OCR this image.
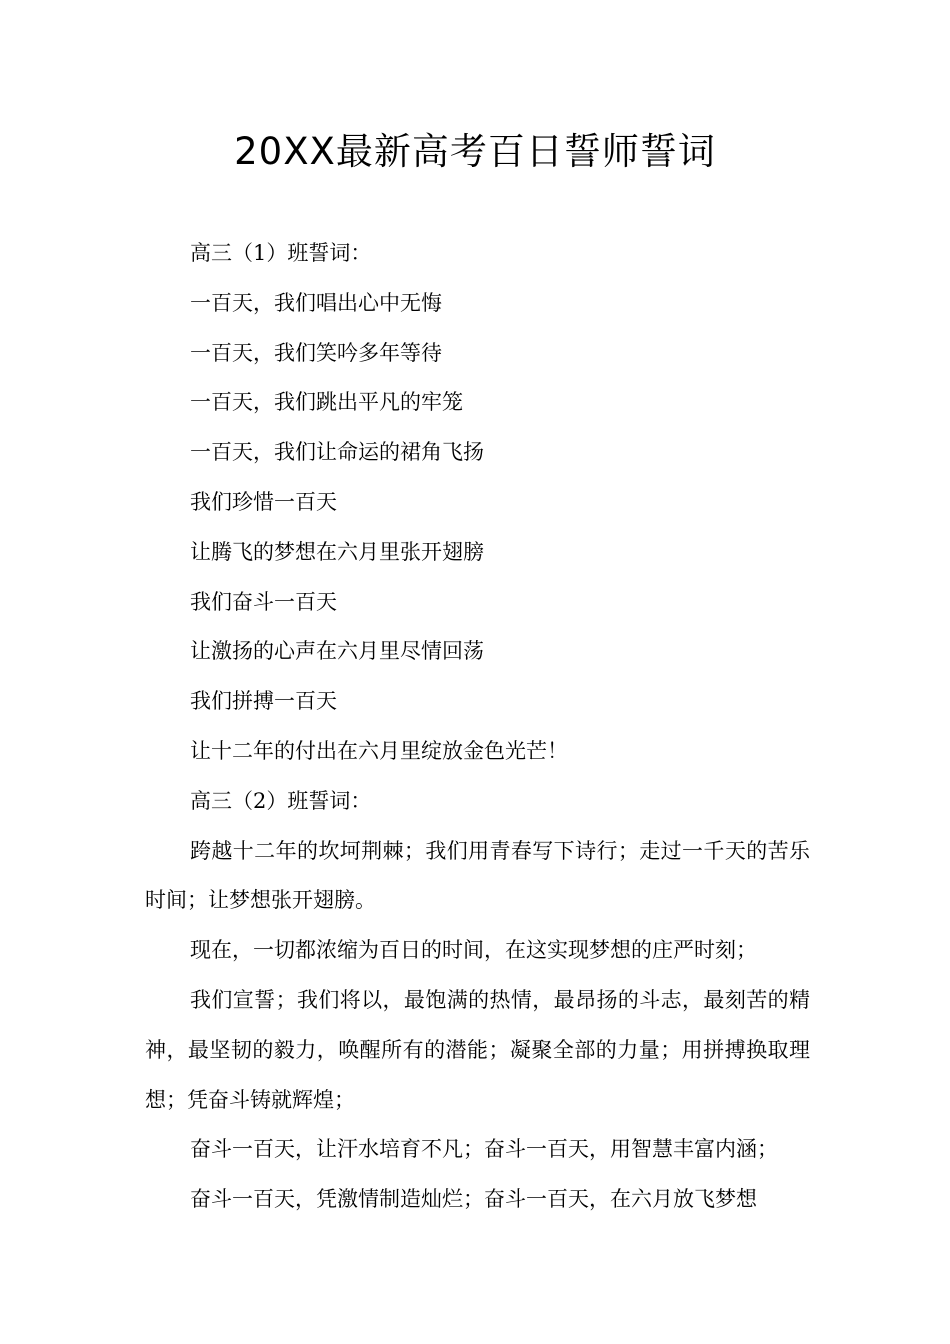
20XX最新高考百日誓师誓词

高三（1）班誓词：

一百天，我们唱出心中无悔

一百天，我们笑吟多年等待

一百天，我们跳出平凡的牢笼

一百天，我们让命运的裙角飞扬

我们珍惜一百天

让腾飞的梦想在六月里张开翅膀

我们奋斗一百天

让激扬的心声在六月里尽情回荡

我们拼搏一百天

让十二年的付出在六月里绽放金色光芒！

高三（2）班誓词：

跨越十二年的坎坷荆棘；我们用青春写下诗行；走过一千天的苦乐时间；让梦想张开翅膀。

现在，一切都浓缩为百日的时间，在这实现梦想的庄严时刻；

我们宣誓；我们将以，最饱满的热情，最昂扬的斗志，最刻苦的精神，最坚韧的毅力，唤醒所有的潜能；凝聚全部的力量；用拼搏换取理想；凭奋斗铸就辉煌；

奋斗一百天，让汗水培育不凡；奋斗一百天，用智慧丰富内涵；

奋斗一百天，凭激情制造灿烂；奋斗一百天，在六月放飞梦想
